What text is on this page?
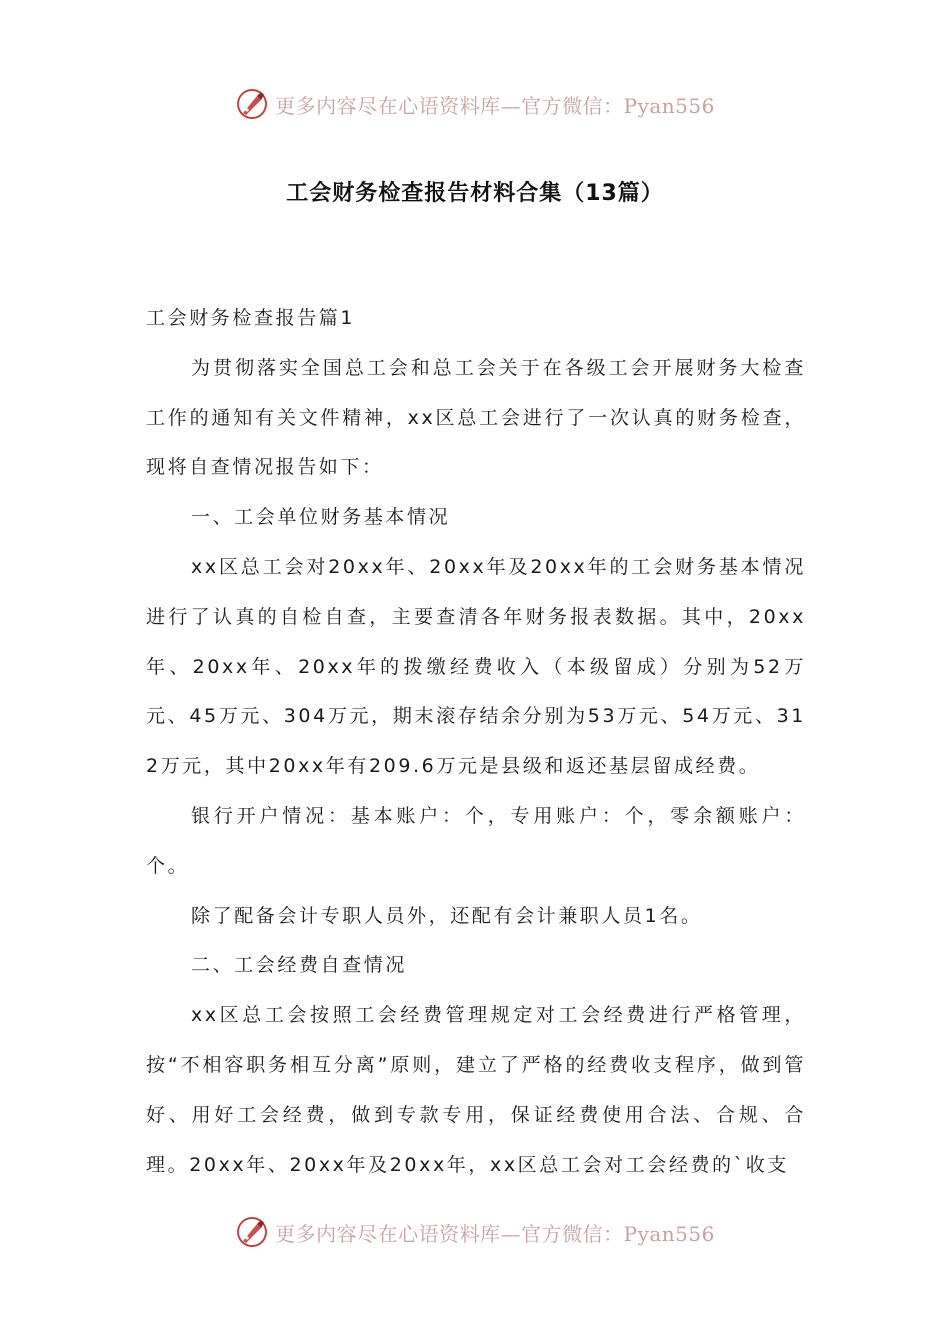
更多内容尽在心语资料库—官方微信：Pyan556
工会财务检查报告材料合集（13篇）

工会财务检查报告篇1

为贯彻落实全国总工会和总工会关于在各级工会开展财务大检查工作的通知有关文件精神，xx区总工会进行了一次认真的财务检查，现将自查情况报告如下：

一、工会单位财务基本情况

xx区总工会对20xx年、20xx年及20xx年的工会财务基本情况进行了认真的自检自查，主要查清各年财务报表数据。其中，20xx年、20xx年、20xx年的拨缴经费收入（本级留成）分别为52万元、45万元、304万元，期末滚存结余分别为53万元、54万元、312万元，其中20xx年有209.6万元是县级和返还基层留成经费。

银行开户情况：基本账户：个，专用账户：个，零余额账户：个。

除了配备会计专职人员外，还配有会计兼职人员1名。

二、工会经费自查情况

xx区总工会按照工会经费管理规定对工会经费进行严格管理，按“不相容职务相互分离”原则，建立了严格的经费收支程序，做到管好、用好工会经费，做到专款专用，保证经费使用合法、合规、合理。20xx年、20xx年及20xx年，xx区总工会对工会经费的`收支

更多内容尽在心语资料库—官方微信：Pyan556
